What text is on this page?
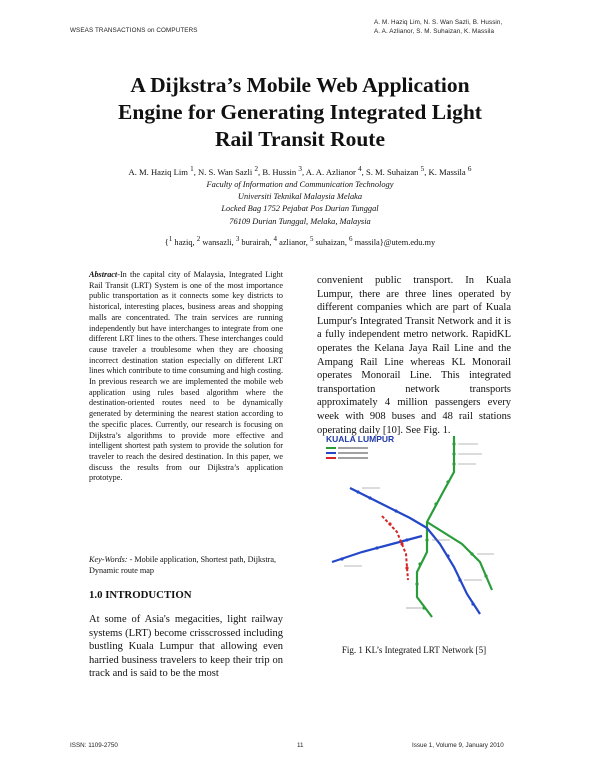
WSEAS TRANSACTIONS on COMPUTERS
A. M. Haziq Lim, N. S. Wan Sazli, B. Hussin,
A. A. Azlianor, S. M. Suhaizan, K. Massila
A Dijkstra’s Mobile Web Application
Engine for Generating Integrated Light
Rail Transit Route
A. M. Haziq Lim $^1$, N. S. Wan Sazli $^2$, B. Hussin $^3$, A. A. Azlianor $^4$, S. M. Suhaizan $^5$, K. Massila $^6$
Faculty of Information and Communication Technology
Universiti Teknikal Malaysia Melaka
Locked Bag 1752 Pejabat Pos Durian Tunggal
76109 Durian Tunggal, Melaka, Malaysia
{$^1$ haziq, $^2$ wansazli, $^3$ burairah, $^4$ azlianor, $^5$ suhaizan, $^6$ massila}@utem.edu.my
Abstract-In the capital city of Malaysia, Integrated Light Rail Transit (LRT) System is one of the most importance public transportation as it connects some key districts to historical, interesting places, business areas and shopping malls are concentrated. The train services are running independently but have interchanges to integrate from one different LRT lines to the others. These interchanges could cause traveler a troublesome when they are choosing incorrect destination station especially on different LRT lines which contribute to time consuming and high costing. In previous research we are implemented the mobile web application using rules based algorithm where the destination-oriented routes need to be dynamically generated by determining the nearest station according to the specific places. Currently, our research is focusing on Dijkstra’s algorithms to provide more effective and intelligent shortest path system to provide the solution for traveler to reach the desired destination. In this paper, we discuss the results from our Dijkstra’s application prototype.
Key-Words: - Mobile application, Shortest path, Dijkstra, Dynamic route map
1.0 INTRODUCTION
At some of Asia's megacities, light railway systems (LRT) become crisscrossed including bustling Kuala Lumpur that allowing even harried business travelers to keep their trip on track and is said to be the most
convenient public transport. In Kuala Lumpur, there are three lines operated by different companies which are part of Kuala Lumpur's Integrated Transit Network and it is a fully independent metro network. RapidKL operates the Kelana Jaya Rail Line and the Ampang Rail Line whereas KL Monorail operates Monorail Line. This integrated transportation network transports approximately 4 million passengers every week with 908 buses and 48 rail stations operating daily [10]. See Fig. 1.
KUALA LUMPUR
Fig. 1 KL’s Integrated LRT Network [5]
ISSN: 1109-2750	11	Issue 1, Volume 9, January 2010
